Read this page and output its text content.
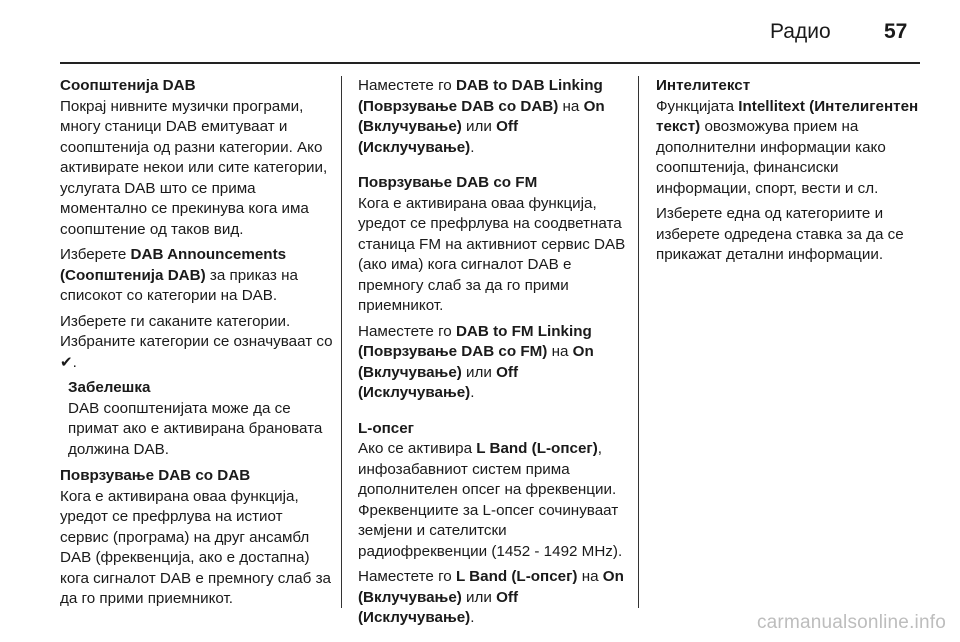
Радио	57

Соопштенија DAB
Покрај нивните музички програми, многу станици DAB емитуваат и соопштенија од разни категории. Ако активирате некои или сите категории, услугата DAB што се прима моментално се прекинува кога има соопштение од таков вид.

Изберете DAB Announcements (Соопштенија DAB) за приказ на списокот со категории на DAB.

Изберете ги саканите категории. Избраните категории се означуваат со ✔.

Забелешка
DAB соопштенијата може да се примат ако е активирана брановата должина DAB.

Поврзување DAB со DAB
Кога е активирана оваа функција, уредот се префрлува на истиот сервис (програма) на друг ансамбл DAB (фреквенција, ако е достапна) кога сигналот DAB е премногу слаб за да го прими приемникот.

Наместете го DAB to DAB Linking (Поврзување DAB со DAB) на On (Вклучување) или Off (Исклучување).

Поврзување DAB со FM
Кога е активирана оваа функција, уредот се префрлува на соодветната станица FM на активниот сервис DAB (ако има) кога сигналот DAB е премногу слаб за да го прими приемникот.

Наместете го DAB to FM Linking (Поврзување DAB со FM) на On (Вклучување) или Off (Исклучување).

L-опсег
Ако се активира L Band (L-опсег), инфозабавниот систем прима дополнителен опсег на фреквенции. Фреквенциите за L-опсег сочинуваат земјени и сателитски радиофреквенции (1452 - 1492 MHz).

Наместете го L Band (L-опсег) на On (Вклучување) или Off (Исклучување).

Интелитекст
Функцијата Intellitext (Интелигентен текст) овозможува прием на дополнителни информации како соопштенија, финансиски информации, спорт, вести и сл.

Изберете една од категориите и изберете одредена ставка за да се прикажат детални информации.

carmanualsonline.info
